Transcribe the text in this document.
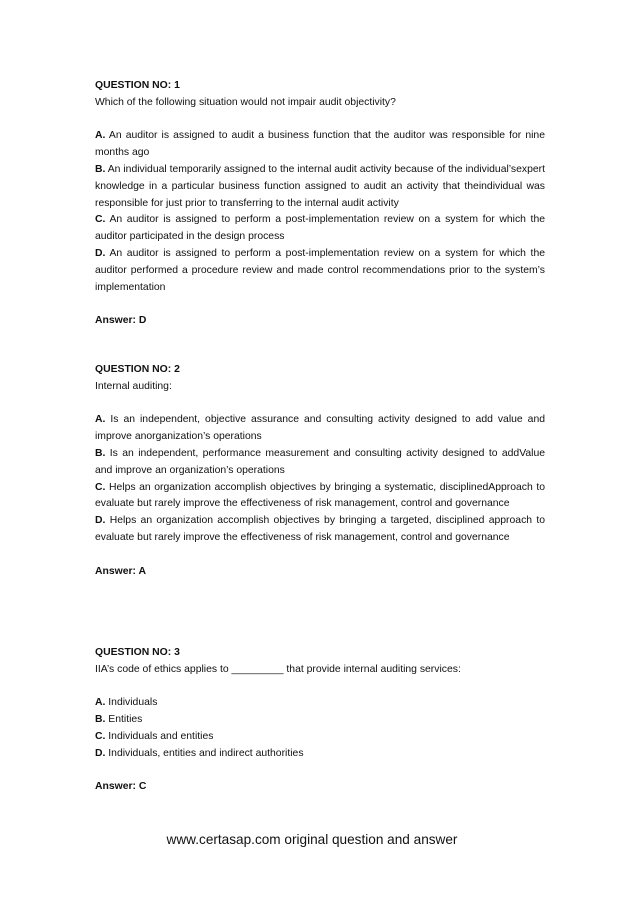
QUESTION NO: 1
Which of the following situation would not impair audit objectivity?
A. An auditor is assigned to audit a business function that the auditor was responsible for nine months ago
B. An individual temporarily assigned to the internal audit activity because of the individual’sexpert knowledge in a particular business function assigned to audit an activity that theindividual was responsible for just prior to transferring to the internal audit activity
C. An auditor is assigned to perform a post-implementation review on a system for which the auditor participated in the design process
D. An auditor is assigned to perform a post-implementation review on a system for which the auditor performed a procedure review and made control recommendations prior to the system’s implementation
Answer: D
QUESTION NO: 2
Internal auditing:
A. Is an independent, objective assurance and consulting activity designed to add value and improve anorganization’s operations
B. Is an independent, performance measurement and consulting activity designed to addValue and improve an organization’s operations
C. Helps an organization accomplish objectives by bringing a systematic, disciplinedApproach to evaluate but rarely improve the effectiveness of risk management, control and governance
D. Helps an organization accomplish objectives by bringing a targeted, disciplined approach to evaluate but rarely improve the effectiveness of risk management, control and governance
Answer: A
QUESTION NO: 3
IIA’s code of ethics applies to _________ that provide internal auditing services:
A. Individuals
B. Entities
C. Individuals and entities
D. Individuals, entities and indirect authorities
Answer: C
www.certasap.com original question and answer
